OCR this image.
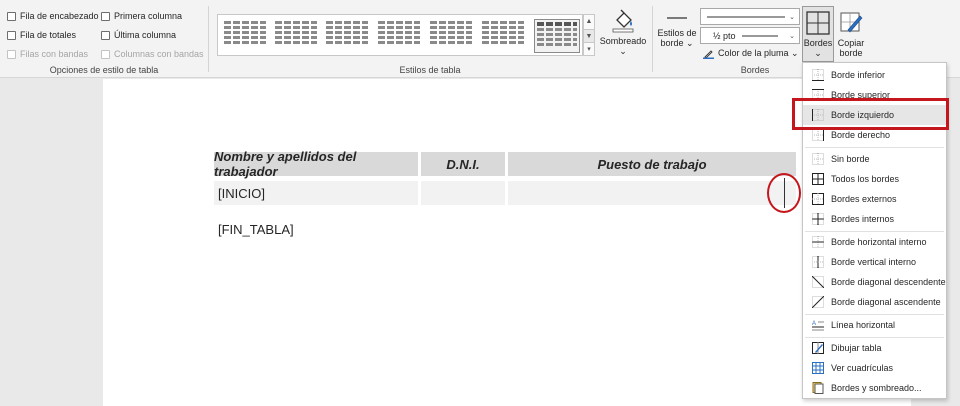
Fila de encabezado Primera columna
Fila de totales	Última columna
Filas con bandas	Columnas con bandas
Opciones de estilo de tabla
▲
▼
▾
Estilos de tabla
Sombreado
⌄
Estilos de
borde ⌄
⌄
½ pto	⌄
Color de la pluma ⌄
Bordes
⌄
Copiar
borde
Bordes
Nombre y apellidos del trabajador	D.N.I.	Puesto de trabajo
[INICIO]
[FIN_TABLA]
Borde inferior
Borde superior
Borde izquierdo
Borde derecho
Sin borde
Todos los bordes
Bordes externos
Bordes internos
Borde horizontal interno
Borde vertical interno
Borde diagonal descendente
Borde diagonal ascendente
A Línea horizontal
Dibujar tabla
Ver cuadrículas
Bordes y sombreado...
